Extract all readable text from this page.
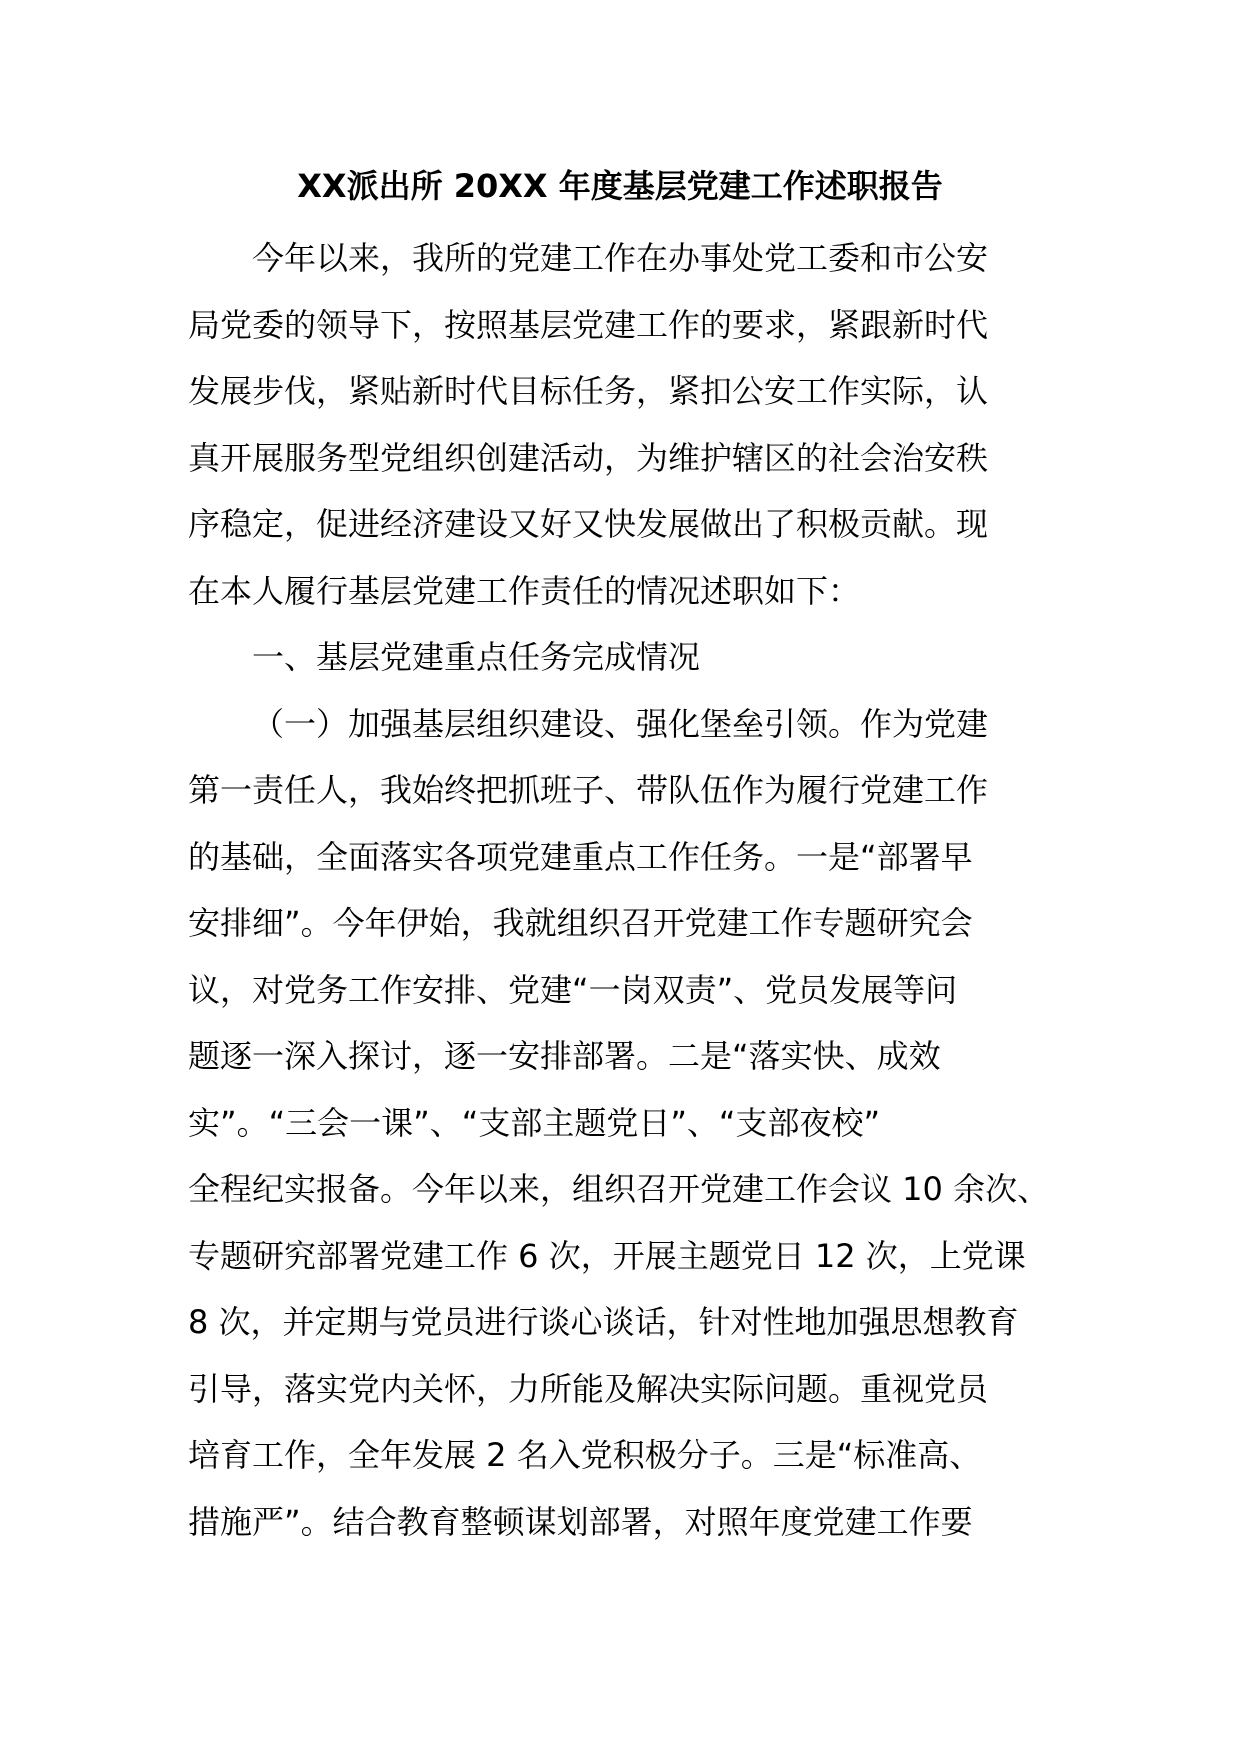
XX派出所 20XX 年度基层党建工作述职报告
今年以来，我所的党建工作在办事处党工委和市公安
局党委的领导下，按照基层党建工作的要求，紧跟新时代
发展步伐，紧贴新时代目标任务，紧扣公安工作实际，认
真开展服务型党组织创建活动，为维护辖区的社会治安秩
序稳定，促进经济建设又好又快发展做出了积极贡献。现
在本人履行基层党建工作责任的情况述职如下：
一、基层党建重点任务完成情况
（一）加强基层组织建设、强化堡垒引领。作为党建
第一责任人，我始终把抓班子、带队伍作为履行党建工作
的基础，全面落实各项党建重点工作任务。一是“部署早
安排细”。今年伊始，我就组织召开党建工作专题研究会
议，对党务工作安排、党建“一岗双责”、党员发展等问
题逐一深入探讨，逐一安排部署。二是“落实快、成效
实”。“三会一课”、“支部主题党日”、“支部夜校”
全程纪实报备。今年以来，组织召开党建工作会议 10 余次、
专题研究部署党建工作 6 次，开展主题党日 12 次，上党课
8 次，并定期与党员进行谈心谈话，针对性地加强思想教育
引导，落实党内关怀，力所能及解决实际问题。重视党员
培育工作，全年发展 2 名入党积极分子。三是“标准高、
措施严”。结合教育整顿谋划部署，对照年度党建工作要
